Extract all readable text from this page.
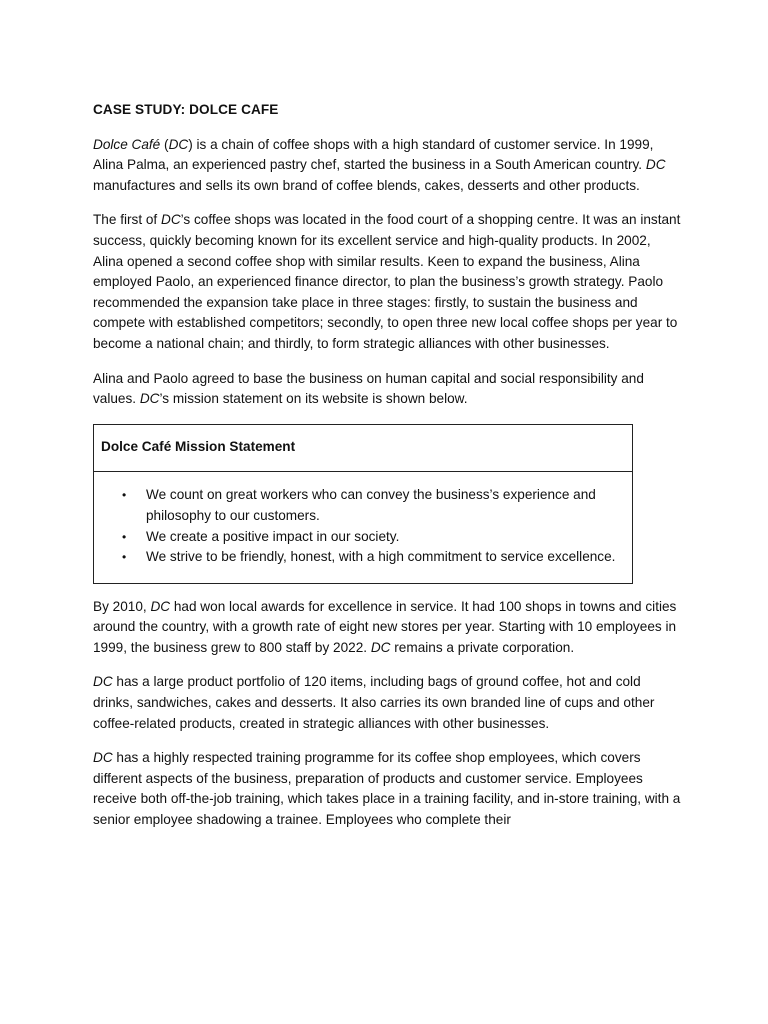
CASE STUDY: DOLCE CAFE

Dolce Café (DC) is a chain of coffee shops with a high standard of customer service. In 1999, Alina Palma, an experienced pastry chef, started the business in a South American country. DC manufactures and sells its own brand of coffee blends, cakes, desserts and other products.

The first of DC’s coffee shops was located in the food court of a shopping centre. It was an instant success, quickly becoming known for its excellent service and high-quality products. In 2002, Alina opened a second coffee shop with similar results. Keen to expand the business, Alina employed Paolo, an experienced finance director, to plan the business’s growth strategy. Paolo recommended the expansion take place in three stages: firstly, to sustain the business and compete with established competitors; secondly, to open three new local coffee shops per year to become a national chain; and thirdly, to form strategic alliances with other businesses.

Alina and Paolo agreed to base the business on human capital and social responsibility and values. DC’s mission statement on its website is shown below.

Dolce Café Mission Statement
• We count on great workers who can convey the business’s experience and philosophy to our customers.
• We create a positive impact in our society.
• We strive to be friendly, honest, with a high commitment to service excellence.

By 2010, DC had won local awards for excellence in service. It had 100 shops in towns and cities around the country, with a growth rate of eight new stores per year. Starting with 10 employees in 1999, the business grew to 800 staff by 2022. DC remains a private corporation.

DC has a large product portfolio of 120 items, including bags of ground coffee, hot and cold drinks, sandwiches, cakes and desserts. It also carries its own branded line of cups and other coffee-related products, created in strategic alliances with other businesses.

DC has a highly respected training programme for its coffee shop employees, which covers different aspects of the business, preparation of products and customer service. Employees receive both off-the-job training, which takes place in a training facility, and in-store training, with a senior employee shadowing a trainee. Employees who complete their
